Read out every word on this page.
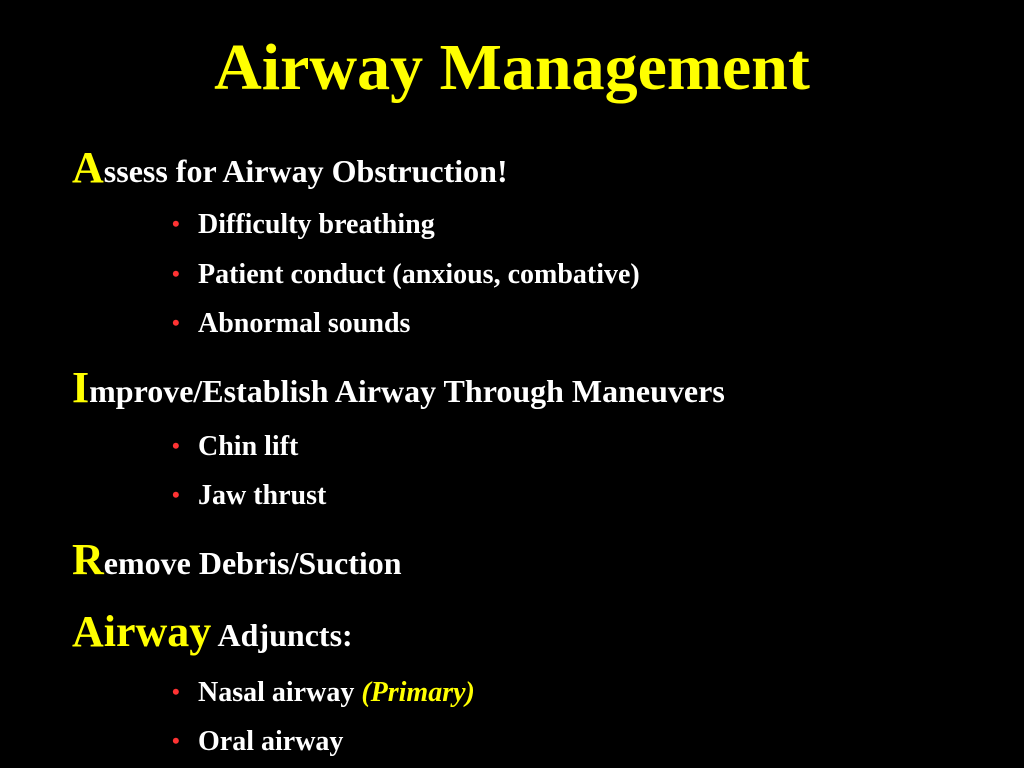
Airway Management
Assess for Airway Obstruction!
• Difficulty breathing
• Patient conduct (anxious, combative)
• Abnormal sounds
Improve/Establish Airway Through Maneuvers
• Chin lift
• Jaw thrust
Remove Debris/Suction
Airway Adjuncts:
• Nasal airway (Primary)
• Oral airway
